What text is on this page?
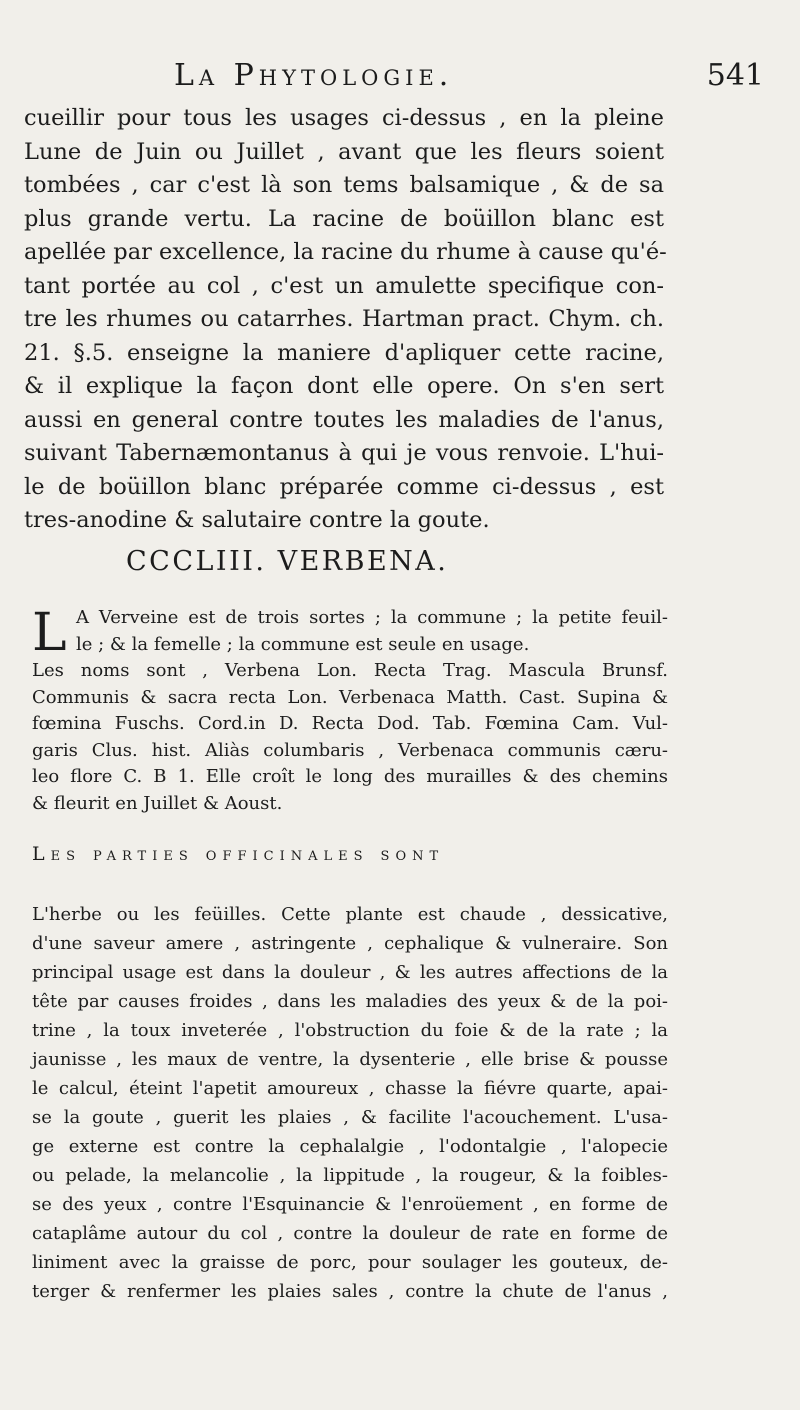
La Phytologie.	541
cueillir pour tous les usages ci-dessus , en la pleine
Lune de Juin ou Juillet , avant que les fleurs soient
tombées , car c'est là son tems balsamique , & de sa
plus grande vertu. La racine de boüillon blanc est
apellée par excellence, la racine du rhume à cause qu'é-
tant portée au col , c'est un amulette specifique con-
tre les rhumes ou catarrhes. Hartman pract. Chym. ch.
21. §.5. enseigne la maniere d'apliquer cette racine,
& il explique la façon dont elle opere. On s'en sert
aussi en general contre toutes les maladies de l'anus,
suivant Tabernæmontanus à qui je vous renvoie. L'hui-
le de boüillon blanc préparée comme ci-dessus , est
tres-anodine & salutaire contre la goute.
CCCLIII. VERBENA.
L A Verveine est de trois sortes ; la commune ; la petite feuil-
le ; & la femelle ; la commune est seule en usage.
Les noms sont , Verbena Lon. Recta Trag. Mascula Brunsf.
Communis & sacra recta Lon. Verbenaca Matth. Cast. Supina &
fœmina Fuschs. Cord.in D. Recta Dod. Tab. Fœmina Cam. Vul-
garis Clus. hist. Aliàs columbaris , Verbenaca communis cæru-
leo flore C. B 1. Elle croît le long des murailles & des chemins
& fleurit en Juillet & Aoust.
Les parties officinales sont
L'herbe ou les feüilles. Cette plante est chaude , dessicative,
d'une saveur amere , astringente , cephalique & vulneraire. Son
principal usage est dans la douleur , & les autres affections de la
tête par causes froides , dans les maladies des yeux & de la poi-
trine , la toux inveterée , l'obstruction du foie & de la rate ; la
jaunisse , les maux de ventre, la dysenterie , elle brise & pousse
le calcul, éteint l'apetit amoureux , chasse la fiévre quarte, apai-
se la goute , guerit les plaies , & facilite l'acouchement. L'usa-
ge externe est contre la cephalalgie , l'odontalgie , l'alopecie
ou pelade, la melancolie , la lippitude , la rougeur, & la foibles-
se des yeux , contre l'Esquinancie & l'enroüement , en forme de
cataplâme autour du col , contre la douleur de rate en forme de
liniment avec la graisse de porc, pour soulager les gouteux, de-
terger & renfermer les plaies sales , contre la chute de l'anus ,
